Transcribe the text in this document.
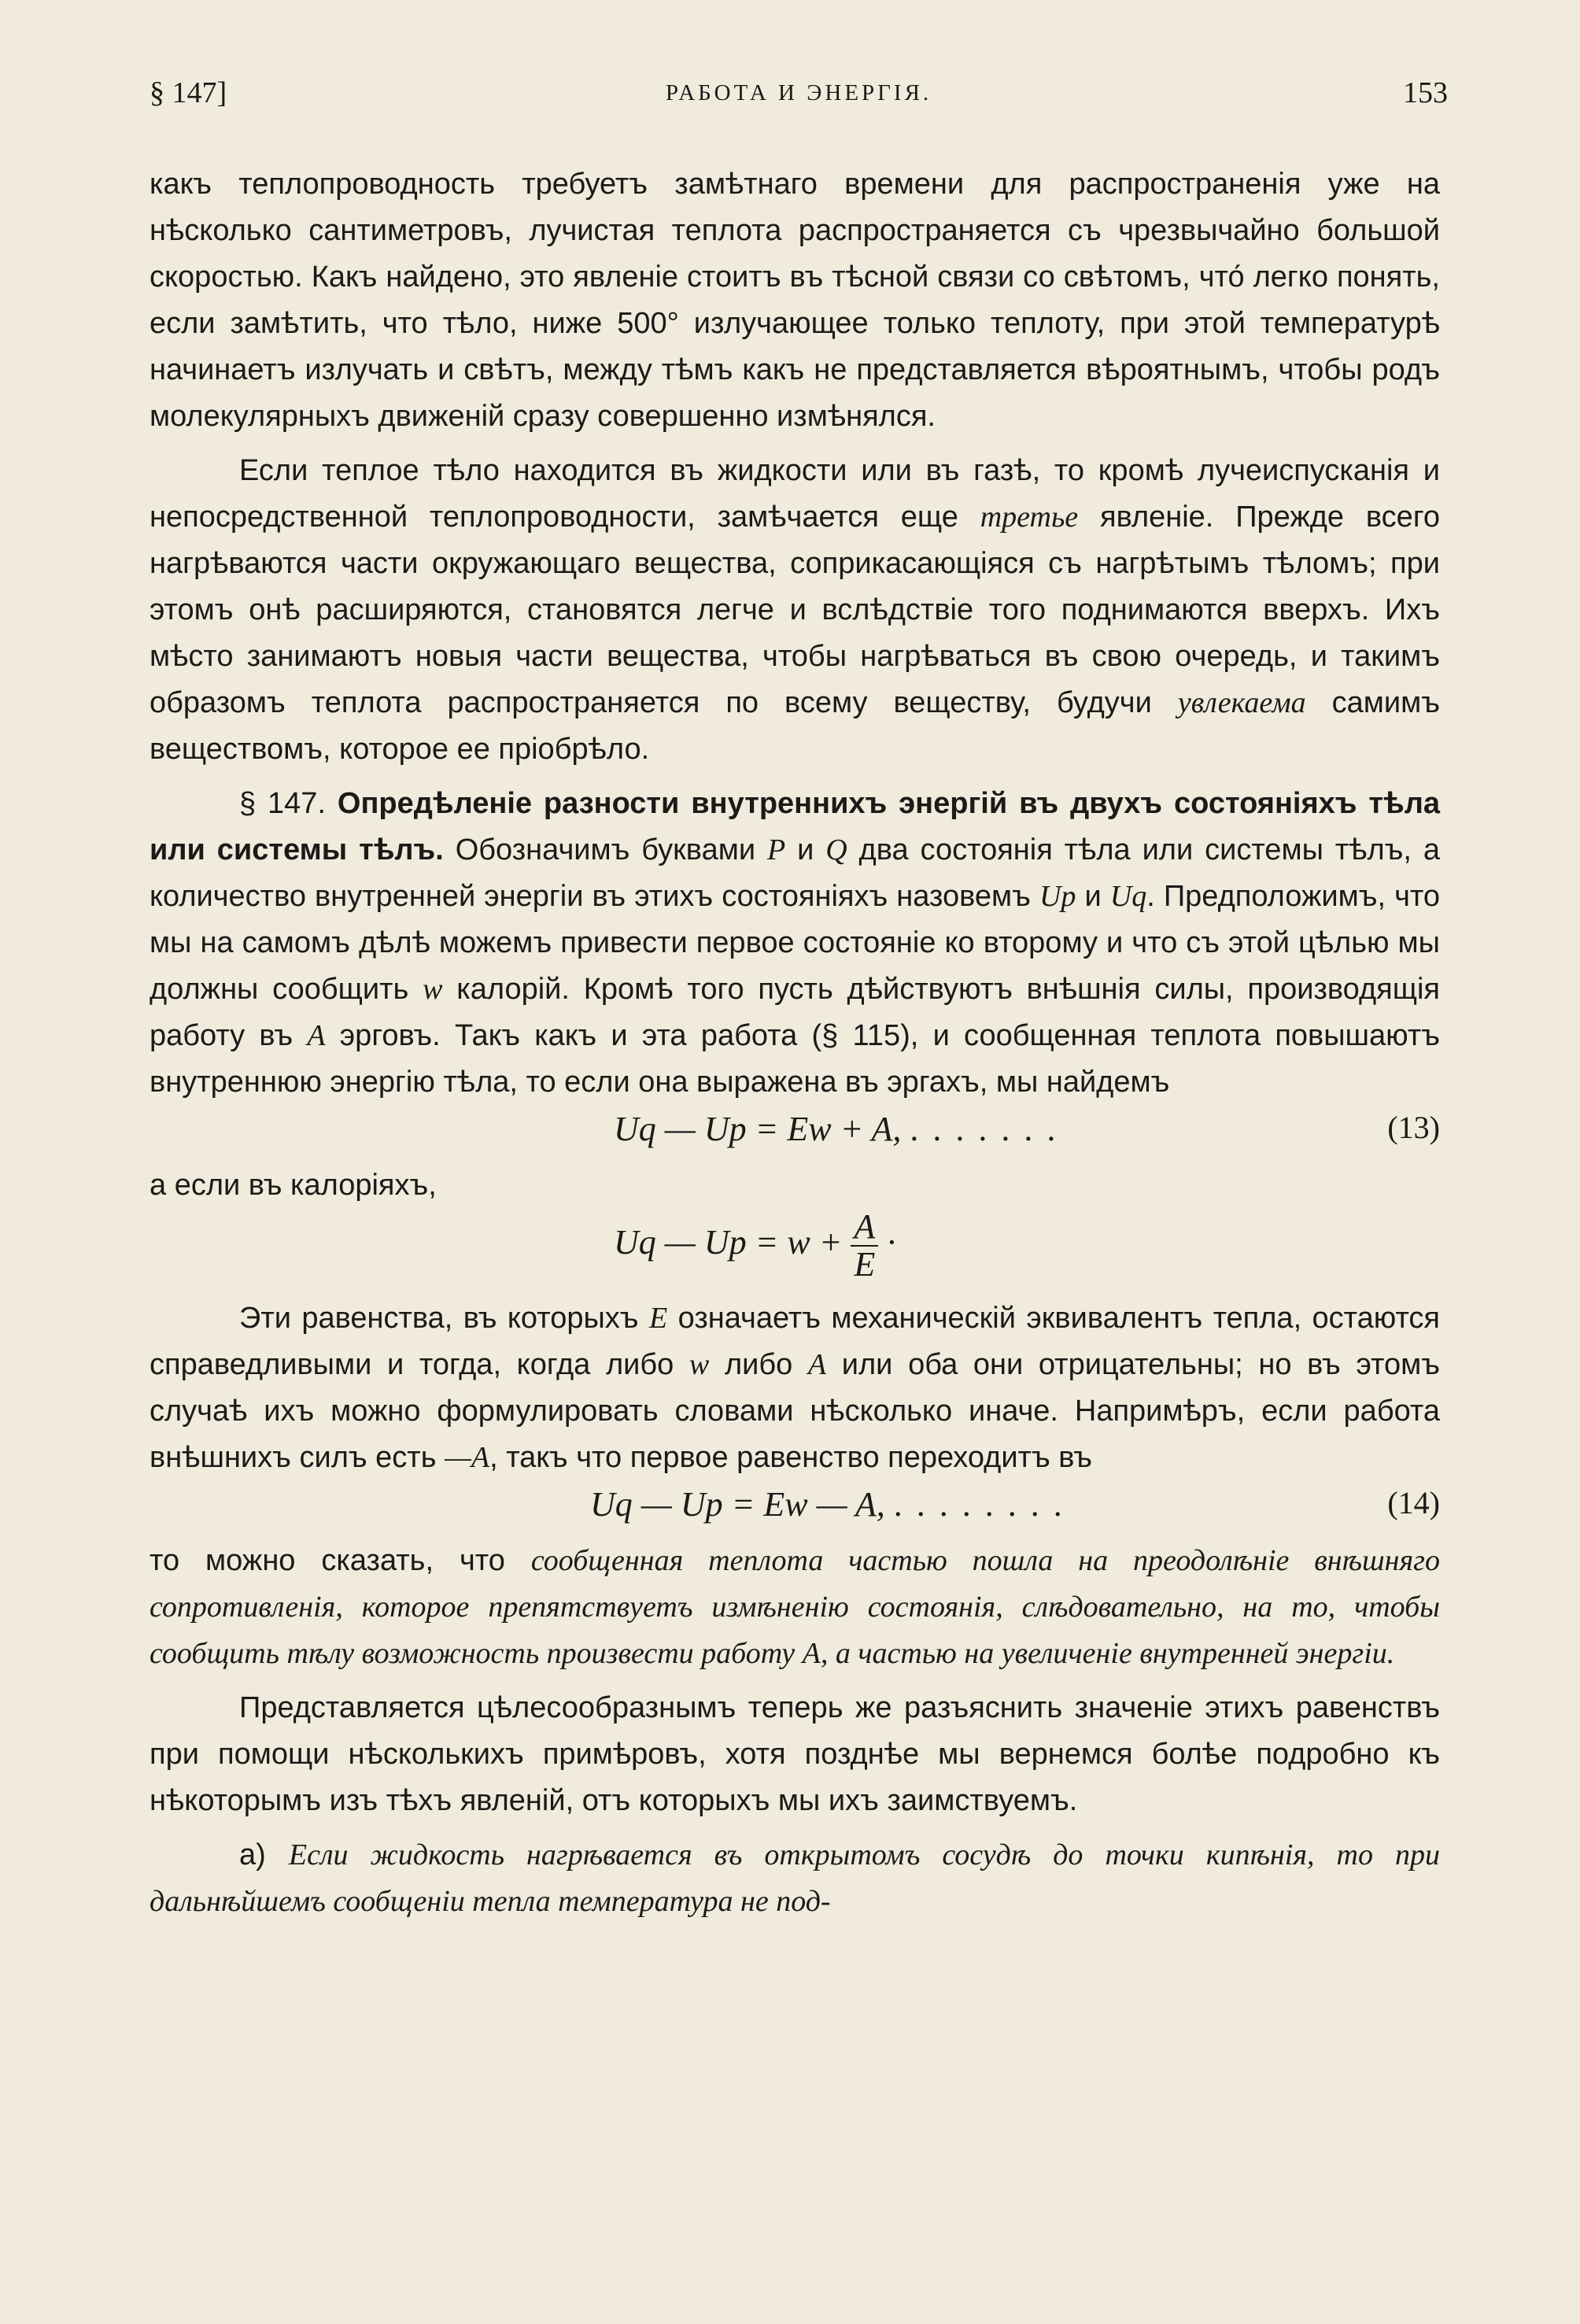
§ 147]	РАБОТА И ЭНЕРГІЯ.	153

какъ теплопроводность требуетъ замѣтнаго времени для распространенія уже на нѣсколько сантиметровъ, лучистая теплота распространяется съ чрезвычайно большой скоростью. Какъ найдено, это явленіе стоитъ въ тѣсной связи со свѣтомъ, что́ легко понять, если замѣтить, что тѣло, ниже 500° излучающее только теплоту, при этой температурѣ начинаетъ излучать и свѣтъ, между тѣмъ какъ не представляется вѣроятнымъ, чтобы родъ молекулярныхъ движеній сразу совершенно измѣнялся.

Если теплое тѣло находится въ жидкости или въ газѣ, то кромѣ лучеиспусканія и непосредственной теплопроводности, замѣчается еще третье явленіе. Прежде всего нагрѣваются части окружающаго вещества, соприкасающіяся съ нагрѣтымъ тѣломъ; при этомъ онѣ расширяются, становятся легче и вслѣдствіе того поднимаются вверхъ. Ихъ мѣсто занимаютъ новыя части вещества, чтобы нагрѣваться въ свою очередь, и такимъ образомъ теплота распространяется по всему веществу, будучи увлекаема самимъ веществомъ, которое ее пріобрѣло.

§ 147. Опредѣленіе разности внутреннихъ энергій въ двухъ состояніяхъ тѣла или системы тѣлъ. Обозначимъ буквами P и Q два состоянія тѣла или системы тѣлъ, а количество внутренней энергіи въ этихъ состояніяхъ назовемъ Up и Uq. Предположимъ, что мы на самомъ дѣлѣ можемъ привести первое состояніе ко второму и что съ этой цѣлью мы должны сообщить w калорій. Кромѣ того пусть дѣйствуютъ внѣшнія силы, производящія работу въ A эрговъ. Такъ какъ и эта работа (§ 115), и сообщенная теплота повышаютъ внутреннюю энергію тѣла, то если она выражена въ эргахъ, мы найдемъ

Uq — Up = Ew + A, .......	(13)

а если въ калоріяхъ,

Uq — $Up = w + \frac{A}{E}$ ·

Эти равенства, въ которыхъ E означаетъ механическій эквивалентъ тепла, остаются справедливыми и тогда, когда либо w либо A или оба они отрицательны; но въ этомъ случаѣ ихъ можно формулировать словами нѣсколько иначе. Напримѣръ, если работа внѣшнихъ силъ есть —A, такъ что первое равенство переходитъ въ

Uq — Up = Ew — A, ........	(14)

то можно сказать, что сообщенная теплота частью пошла на преодолѣніе внѣшняго сопротивленія, которое препятствуетъ измѣненію состоянія, слѣдовательно, на то, чтобы сообщить тѣлу возможность произвести работу A, а частью на увеличеніе внутренней энергіи.

Представляется цѣлесообразнымъ теперь же разъяснить значеніе этихъ равенствъ при помощи нѣсколькихъ примѣровъ, хотя позднѣе мы вернемся болѣе подробно къ нѣкоторымъ изъ тѣхъ явленій, отъ которыхъ мы ихъ заимствуемъ.

а) Если жидкость нагрѣвается въ открытомъ сосудѣ до точки кипѣнія, то при дальнѣйшемъ сообщеніи тепла температура не под-
